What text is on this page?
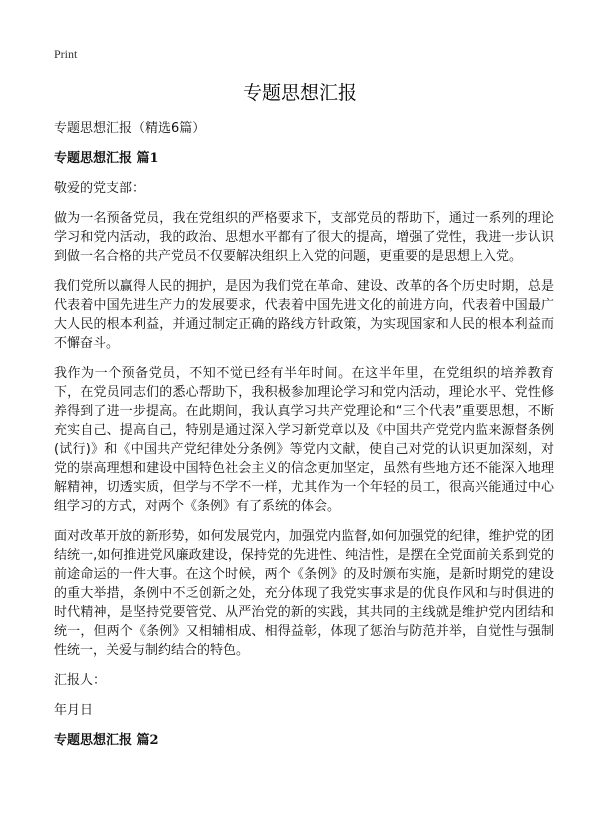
Print
专题思想汇报

专题思想汇报（精选6篇）

专题思想汇报 篇1

敬爱的党支部：

做为一名预备党员，我在党组织的严格要求下，支部党员的帮助下，通过一系列的理论学习和党内活动，我的政治、思想水平都有了很大的提高，增强了党性，我进一步认识到做一名合格的共产党员不仅要解决组织上入党的问题，更重要的是思想上入党。

我们党所以赢得人民的拥护，是因为我们党在革命、建设、改革的各个历史时期，总是代表着中国先进生产力的发展要求，代表着中国先进文化的前进方向，代表着中国最广大人民的根本利益，并通过制定正确的路线方针政策，为实现国家和人民的根本利益而不懈奋斗。

我作为一个预备党员，不知不觉已经有半年时间。在这半年里，在党组织的培养教育下，在党员同志们的悉心帮助下，我积极参加理论学习和党内活动，理论水平、党性修养得到了进一步提高。在此期间，我认真学习共产党理论和“三个代表”重要思想，不断充实自己、提高自己，特别是通过深入学习新党章以及《中国共产党党内监来源督条例(试行)》和《中国共产党纪律处分条例》等党内文献，使自己对党的认识更加深刻，对党的崇高理想和建设中国特色社会主义的信念更加坚定，虽然有些地方还不能深入地理解精神，切透实质，但学与不学不一样，尤其作为一个年轻的员工，很高兴能通过中心组学习的方式，对两个《条例》有了系统的体会。

面对改革开放的新形势，如何发展党内，加强党内监督,如何加强党的纪律，维护党的团结统一,如何推进党风廉政建设，保持党的先进性、纯洁性，是摆在全党面前关系到党的前途命运的一件大事。在这个时候，两个《条例》的及时颁布实施，是新时期党的建设的重大举措，条例中不乏创新之处，充分体现了我党实事求是的优良作风和与时俱进的时代精神，是坚持党要管党、从严治党的新的实践，其共同的主线就是维护党内团结和统一，但两个《条例》又相辅相成、相得益彰，体现了惩治与防范并举，自觉性与强制性统一，关爱与制约结合的特色。

汇报人：

年月日

专题思想汇报 篇2
